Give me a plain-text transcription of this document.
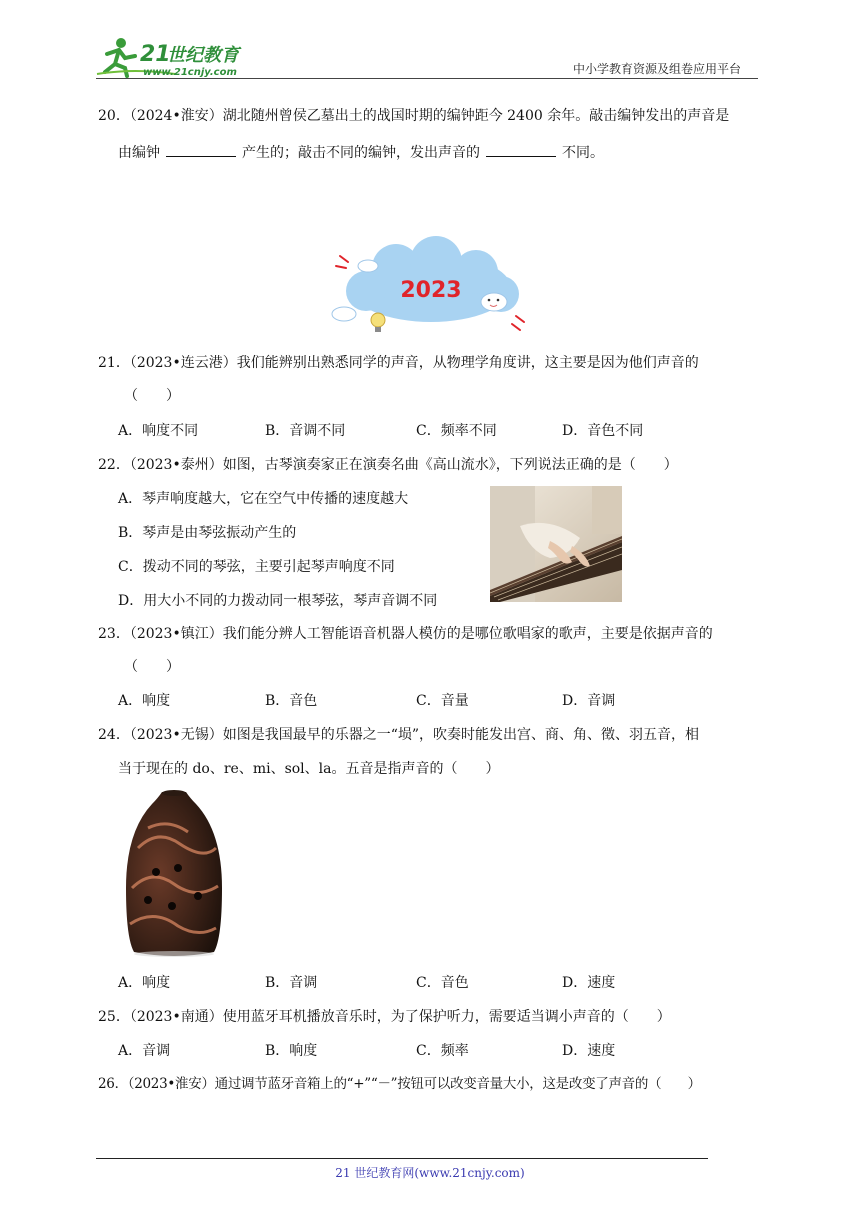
21
世纪教育
www.21cnjy.com	中小学教育资源及组卷应用平台
20．（2024•淮安）湖北随州曾侯乙墓出土的战国时期的编钟距今 2400 余年。敲击编钟发出的声音是
由编钟	产生的；敲击不同的编钟，发出声音的	不同。
2023
21．（2023•连云港）我们能辨别出熟悉同学的声音，从物理学角度讲，这主要是因为他们声音的
（　　）
A．响度不同	B．音调不同	C．频率不同	D．音色不同
22．（2023•泰州）如图，古琴演奏家正在演奏名曲《高山流水》，下列说法正确的是（　　）
A．琴声响度越大，它在空气中传播的速度越大
B．琴声是由琴弦振动产生的
C．拨动不同的琴弦，主要引起琴声响度不同
D．用大小不同的力拨动同一根琴弦，琴声音调不同
23．（2023•镇江）我们能分辨人工智能语音机器人模仿的是哪位歌唱家的歌声，主要是依据声音的
（　　）
A．响度	B．音色	C．音量	D．音调
24．（2023•无锡）如图是我国最早的乐器之一“埙”，吹奏时能发出宫、商、角、徵、羽五音，相
当于现在的 do、re、mi、sol、la。五音是指声音的（　　）
A．响度	B．音调	C．音色	D．速度
25．（2023•南通）使用蓝牙耳机播放音乐时，为了保护听力，需要适当调小声音的（　　）
A．音调	B．响度	C．频率	D．速度
26．（2023•淮安）通过调节蓝牙音箱上的“+”“－”按钮可以改变音量大小，这是改变了声音的（　　）
21 世纪教育网(www.21cnjy.com)
